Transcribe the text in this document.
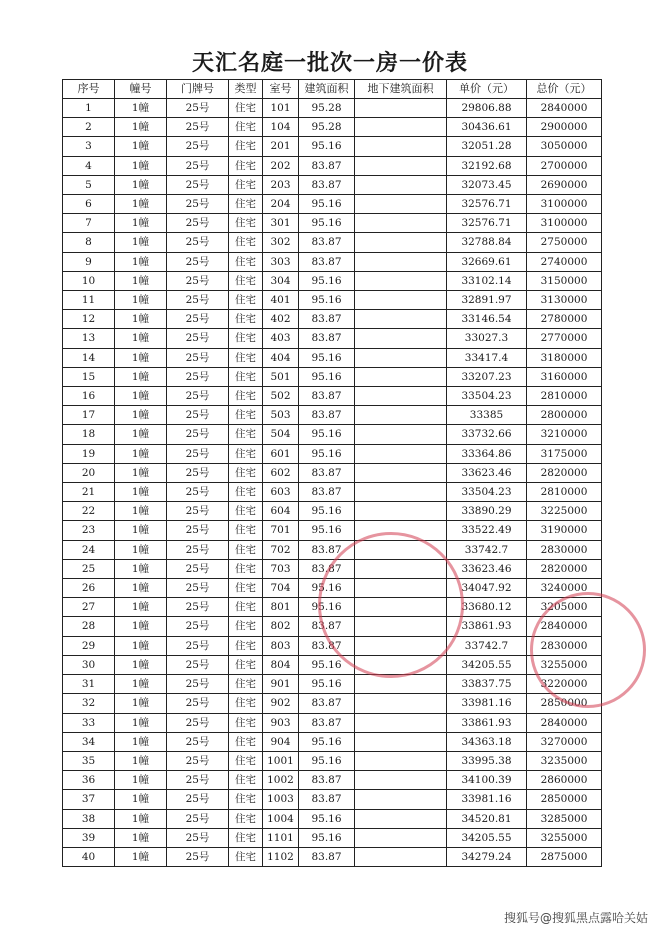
天汇名庭一批次一房一价表
序号	幢号	门牌号	类型	室号	建筑面积	地下建筑面积	单价（元）	总价（元）
1	1幢	25号	住宅	101	95.28		29806.88	2840000
2	1幢	25号	住宅	104	95.28		30436.61	2900000
3	1幢	25号	住宅	201	95.16		32051.28	3050000
4	1幢	25号	住宅	202	83.87		32192.68	2700000
5	1幢	25号	住宅	203	83.87		32073.45	2690000
6	1幢	25号	住宅	204	95.16		32576.71	3100000
7	1幢	25号	住宅	301	95.16		32576.71	3100000
8	1幢	25号	住宅	302	83.87		32788.84	2750000
9	1幢	25号	住宅	303	83.87		32669.61	2740000
10	1幢	25号	住宅	304	95.16		33102.14	3150000
11	1幢	25号	住宅	401	95.16		32891.97	3130000
12	1幢	25号	住宅	402	83.87		33146.54	2780000
13	1幢	25号	住宅	403	83.87		33027.3	2770000
14	1幢	25号	住宅	404	95.16		33417.4	3180000
15	1幢	25号	住宅	501	95.16		33207.23	3160000
16	1幢	25号	住宅	502	83.87		33504.23	2810000
17	1幢	25号	住宅	503	83.87		33385	2800000
18	1幢	25号	住宅	504	95.16		33732.66	3210000
19	1幢	25号	住宅	601	95.16		33364.86	3175000
20	1幢	25号	住宅	602	83.87		33623.46	2820000
21	1幢	25号	住宅	603	83.87		33504.23	2810000
22	1幢	25号	住宅	604	95.16		33890.29	3225000
23	1幢	25号	住宅	701	95.16		33522.49	3190000
24	1幢	25号	住宅	702	83.87		33742.7	2830000
25	1幢	25号	住宅	703	83.87		33623.46	2820000
26	1幢	25号	住宅	704	95.16		34047.92	3240000
27	1幢	25号	住宅	801	95.16		33680.12	3205000
28	1幢	25号	住宅	802	83.87		33861.93	2840000
29	1幢	25号	住宅	803	83.87		33742.7	2830000
30	1幢	25号	住宅	804	95.16		34205.55	3255000
31	1幢	25号	住宅	901	95.16		33837.75	3220000
32	1幢	25号	住宅	902	83.87		33981.16	2850000
33	1幢	25号	住宅	903	83.87		33861.93	2840000
34	1幢	25号	住宅	904	95.16		34363.18	3270000
35	1幢	25号	住宅	1001	95.16		33995.38	3235000
36	1幢	25号	住宅	1002	83.87		34100.39	2860000
37	1幢	25号	住宅	1003	83.87		33981.16	2850000
38	1幢	25号	住宅	1004	95.16		34520.81	3285000
39	1幢	25号	住宅	1101	95.16		34205.55	3255000
40	1幢	25号	住宅	1102	83.87		34279.24	2875000
搜狐号@搜狐黑点露哈关姑
